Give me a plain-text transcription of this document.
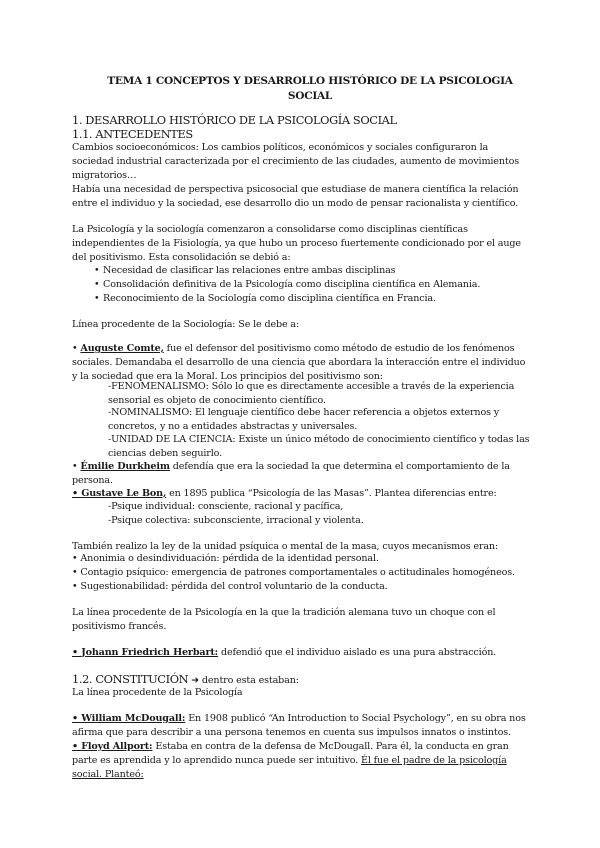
TEMA 1 CONCEPTOS Y DESARROLLO HISTÓRICO DE LA PSICOLOGIA SOCIAL
1. DESARROLLO HISTÓRICO DE LA PSICOLOGÍA SOCIAL
1.1. ANTECEDENTES

Cambios socioeconómicos: Los cambios políticos, económicos y sociales configuraron la sociedad industrial caracterizada por el crecimiento de las ciudades, aumento de movimientos migratorios…

Había una necesidad de perspectiva psicosocial que estudiase de manera científica la relación entre el individuo y la sociedad, ese desarrollo dio un modo de pensar racionalista y científico.

La Psicología y la sociología comenzaron a consolidarse como disciplinas científicas independientes de la Fisiología, ya que hubo un proceso fuertemente condicionado por el auge del positivismo. Esta consolidación se debió a:

• Necesidad de clasificar las relaciones entre ambas disciplinas
• Consolidación definitiva de la Psicología como disciplina científica en Alemania.
• Reconocimiento de la Sociología como disciplina científica en Francia.

Línea procedente de la Sociología: Se le debe a:

• Auguste Comte, fue el defensor del positivismo como método de estudio de los fenómenos sociales. Demandaba el desarrollo de una ciencia que abordara la interacción entre el individuo y la sociedad que era la Moral. Los principios del positivismo son:

-FENOMENALISMO: Sólo lo que es directamente accesible a través de la experiencia sensorial es objeto de conocimiento científico.
-NOMINALISMO: El lenguaje científico debe hacer referencia a objetos externos y concretos, y no a entidades abstractas y universales.
-UNIDAD DE LA CIENCIA: Existe un único método de conocimiento científico y todas las ciencias deben seguirlo.

• Émilie Durkheim defendía que era la sociedad la que determina el comportamiento de la persona.

• Gustave Le Bon, en 1895 publica “Psicología de las Masas”. Plantea diferencias entre:

-Psique individual: consciente, racional y pacífica,
-Psique colectiva: subconsciente, irracional y violenta.

También realizo la ley de la unidad psíquica o mental de la masa, cuyos mecanismos eran:

• Anonimia o desindividuación: pérdida de la identidad personal.
• Contagio psíquico: emergencia de patrones comportamentales o actitudinales homogéneos.
• Sugestionabilidad: pérdida del control voluntario de la conducta.

La línea procedente de la Psicología en la que la tradición alemana tuvo un choque con el positivismo francés.

• Johann Friedrich Herbart: defendió que el individuo aislado es una pura abstracción.

1.2. CONSTITUCIÓN ➜ dentro esta estaban:

La línea procedente de la Psicología

• William McDougall: En 1908 publicó “An Introduction to Social Psychology”, en su obra nos afirma que para describir a una persona tenemos en cuenta sus impulsos innatos o instintos.

• Floyd Allport: Estaba en contra de la defensa de McDougall. Para él, la conducta en gran parte es aprendida y lo aprendido nunca puede ser intuitivo. Él fue el padre de la psicología social. Planteó:
